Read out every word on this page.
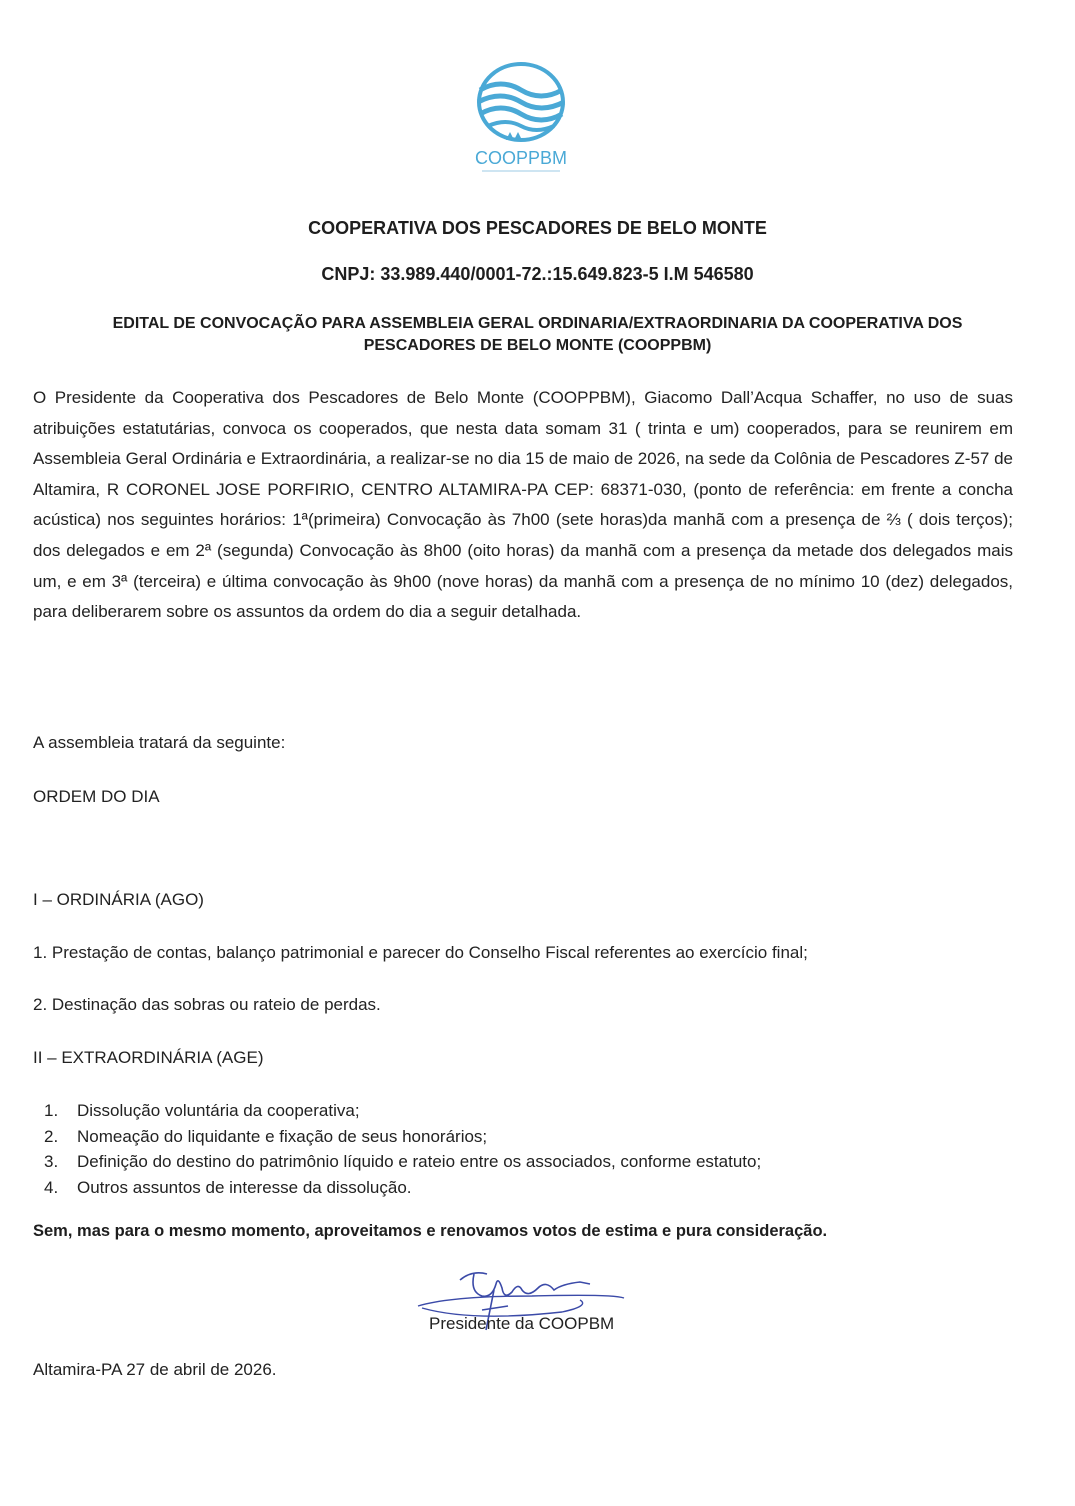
COOPPBM
COOPERATIVA DOS PESCADORES DE BELO MONTE
CNPJ: 33.989.440/0001-72.:15.649.823-5 I.M 546580
EDITAL DE CONVOCAÇÃO PARA ASSEMBLEIA GERAL ORDINARIA/EXTRAORDINARIA DA COOPERATIVA DOS PESCADORES DE BELO MONTE (COOPPBM)
O Presidente da Cooperativa dos Pescadores de Belo Monte (COOPPBM), Giacomo Dall’Acqua Schaffer, no uso de suas atribuições estatutárias, convoca os cooperados, que nesta data somam 31 ( trinta e um) cooperados, para se reunirem em Assembleia Geral Ordinária e Extraordinária, a realizar-se no dia 15 de maio de 2026, na sede da Colônia de Pescadores Z-57 de Altamira, R CORONEL JOSE PORFIRIO, CENTRO ALTAMIRA-PA CEP: 68371-030, (ponto de referência: em frente a concha acústica) nos seguintes horários: 1ª(primeira) Convocação às 7h00 (sete horas)da manhã com a presença de ⅔ ( dois terços); dos delegados e em 2ª (segunda) Convocação às 8h00 (oito horas) da manhã com a presença da metade dos delegados mais um, e em 3ª (terceira) e última convocação às 9h00 (nove horas) da manhã com a presença de no mínimo 10 (dez) delegados, para deliberarem sobre os assuntos da ordem do dia a seguir detalhada.
A assembleia tratará da seguinte:
ORDEM DO DIA
I – ORDINÁRIA (AGO)
1. Prestação de contas, balanço patrimonial e parecer do Conselho Fiscal referentes ao exercício final;
2. Destinação das sobras ou rateio de perdas.
II – EXTRAORDINÁRIA (AGE)
1.	Dissolução voluntária da cooperativa;
2.	Nomeação do liquidante e fixação de seus honorários;
3.	Definição do destino do patrimônio líquido e rateio entre os associados, conforme estatuto;
4.	Outros assuntos de interesse da dissolução.
Sem, mas para o mesmo momento, aproveitamos e renovamos votos de estima e pura consideração.
Presidente da COOPBM
Altamira-PA 27 de abril de 2026.
